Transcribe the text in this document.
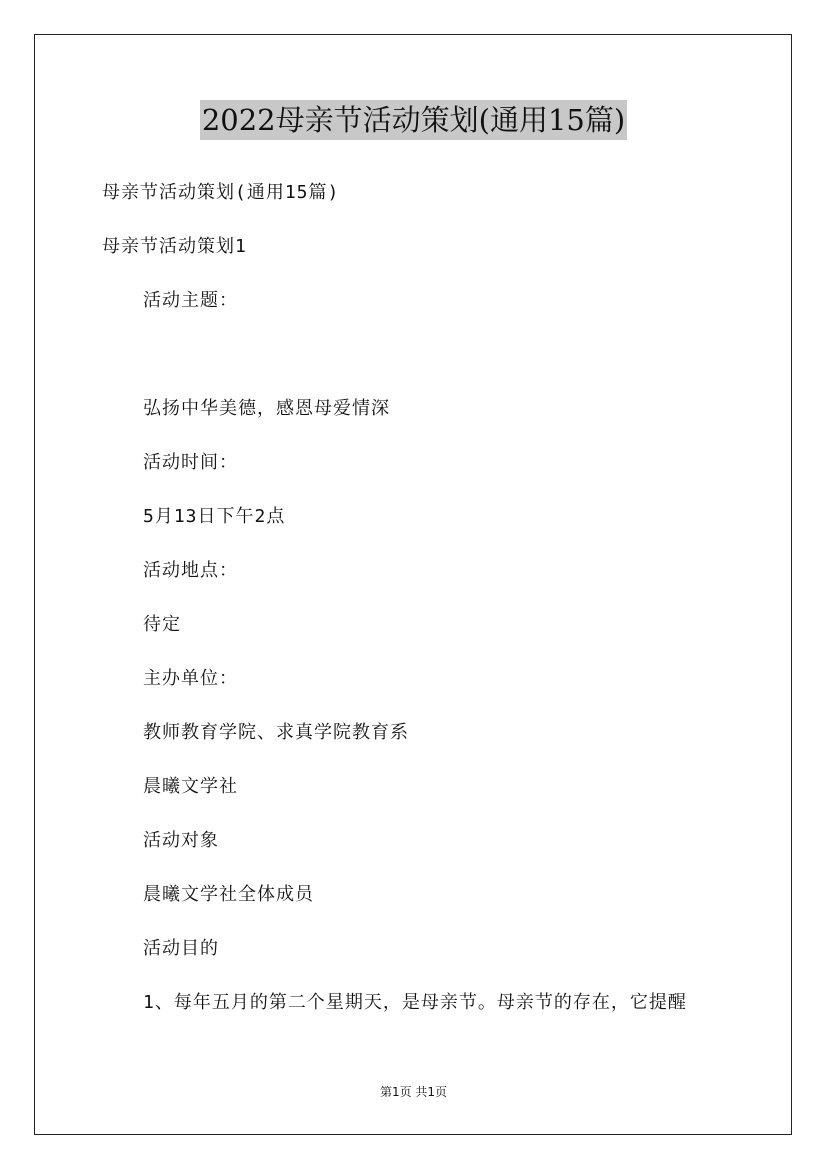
2022母亲节活动策划(通用15篇)
母亲节活动策划(通用15篇)
母亲节活动策划1
活动主题：
弘扬中华美德，感恩母爱情深
活动时间：
5月13日下午2点
活动地点：
待定
主办单位：
教师教育学院、求真学院教育系
晨曦文学社
活动对象
晨曦文学社全体成员
活动目的
1、每年五月的第二个星期天，是母亲节。母亲节的存在，它提醒
第1页 共1页
